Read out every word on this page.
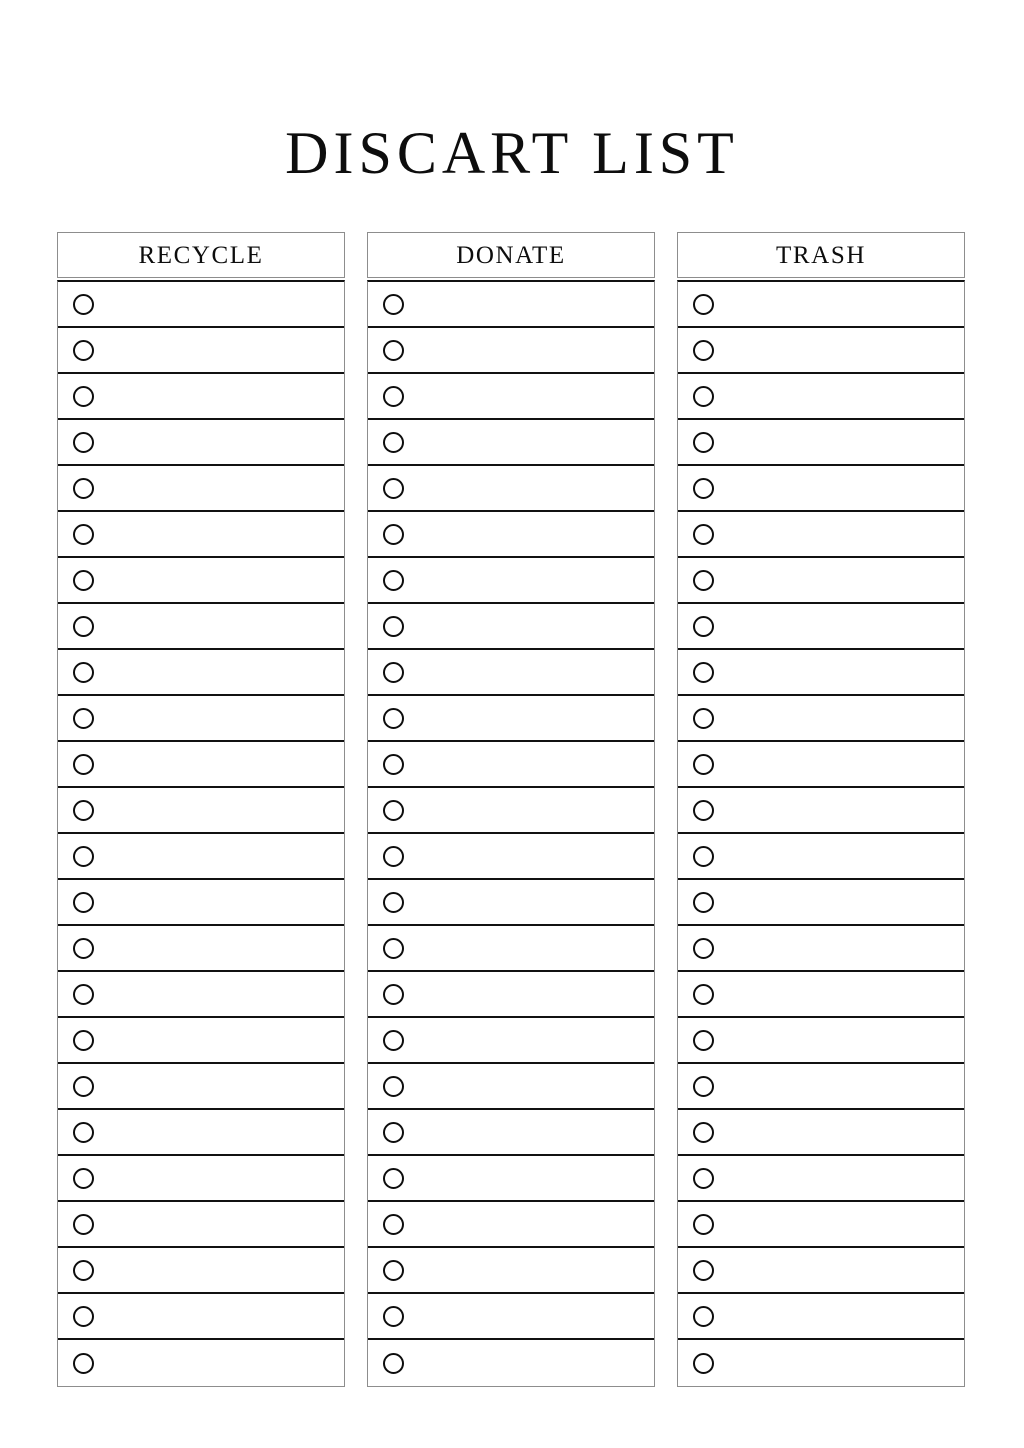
DISCART LIST
RECYCLE	DONATE	TRASH
